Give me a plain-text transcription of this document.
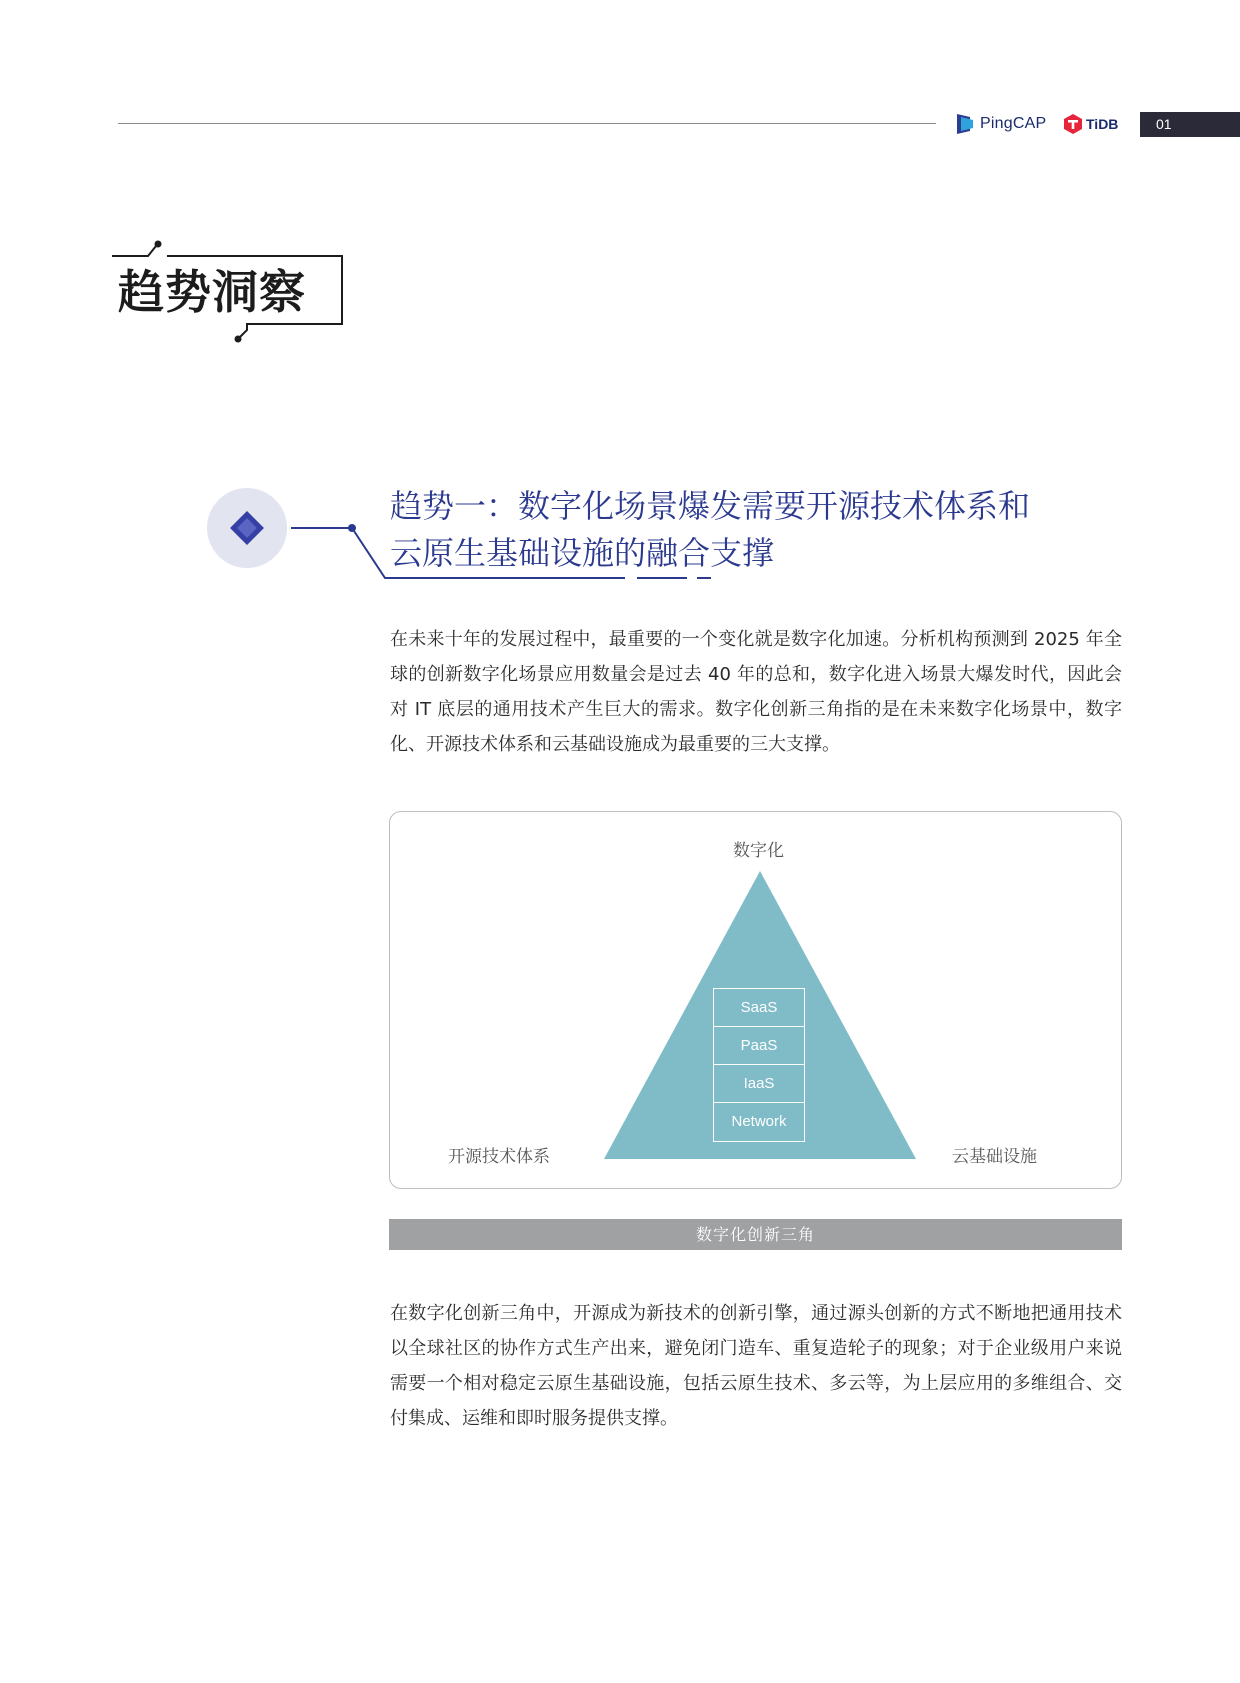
PingCAP	TiDB	01
趋势洞察
趋势一：数字化场景爆发需要开源技术体系和
云原生基础设施的融合支撑
在未来十年的发展过程中，最重要的一个变化就是数字化加速。分析机构预测到 2025 年全球的创新数字化场景应用数量会是过去 40 年的总和，数字化进入场景大爆发时代，因此会对 IT 底层的通用技术产生巨大的需求。数字化创新三角指的是在未来数字化场景中，数字化、开源技术体系和云基础设施成为最重要的三大支撑。
数字化
开源技术体系	云基础设施
SaaS
PaaS
IaaS
Network
数字化创新三角
在数字化创新三角中，开源成为新技术的创新引擎，通过源头创新的方式不断地把通用技术以全球社区的协作方式生产出来，避免闭门造车、重复造轮子的现象；对于企业级用户来说需要一个相对稳定云原生基础设施，包括云原生技术、多云等，为上层应用的多维组合、交付集成、运维和即时服务提供支撑。
